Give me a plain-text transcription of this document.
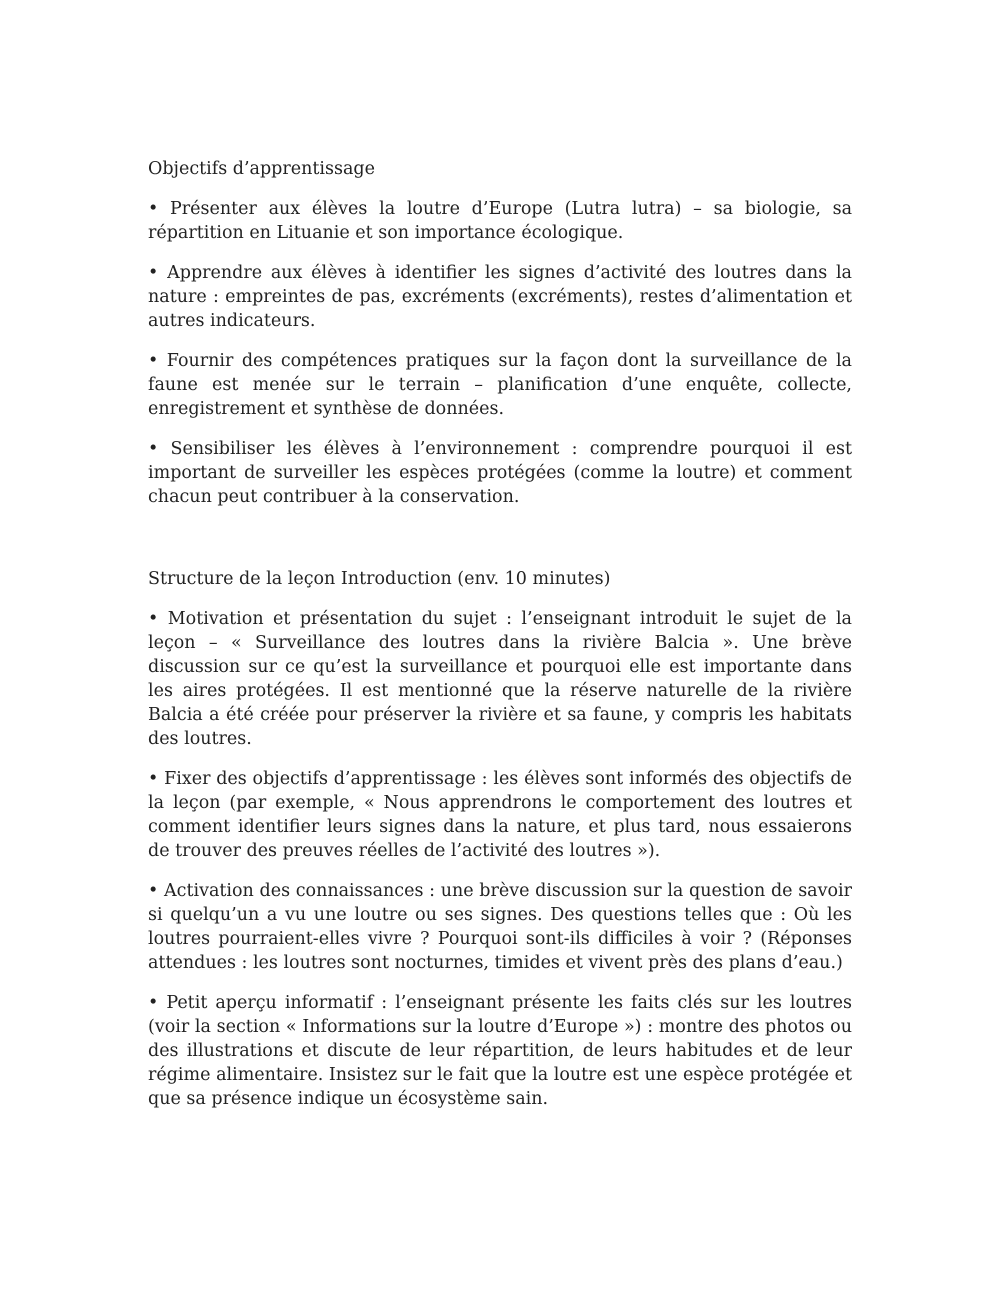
Objectifs d’apprentissage

• Présenter aux élèves la loutre d’Europe (Lutra lutra) – sa biologie, sa répartition en Lituanie et son importance écologique.

• Apprendre aux élèves à identifier les signes d’activité des loutres dans la nature : empreintes de pas, excréments (excréments), restes d’alimentation et autres indicateurs.

• Fournir des compétences pratiques sur la façon dont la surveillance de la faune est menée sur le terrain – planification d’une enquête, collecte, enregistrement et synthèse de données.

• Sensibiliser les élèves à l’environnement : comprendre pourquoi il est important de surveiller les espèces protégées (comme la loutre) et comment chacun peut contribuer à la conservation.

Structure de la leçon Introduction (env. 10 minutes)

• Motivation et présentation du sujet : l’enseignant introduit le sujet de la leçon – « Surveillance des loutres dans la rivière Balcia ». Une brève discussion sur ce qu’est la surveillance et pourquoi elle est importante dans les aires protégées. Il est mentionné que la réserve naturelle de la rivière Balcia a été créée pour préserver la rivière et sa faune, y compris les habitats des loutres.

• Fixer des objectifs d’apprentissage : les élèves sont informés des objectifs de la leçon (par exemple, « Nous apprendrons le comportement des loutres et comment identifier leurs signes dans la nature, et plus tard, nous essaierons de trouver des preuves réelles de l’activité des loutres »).

• Activation des connaissances : une brève discussion sur la question de savoir si quelqu’un a vu une loutre ou ses signes. Des questions telles que : Où les loutres pourraient-elles vivre ? Pourquoi sont-ils difficiles à voir ? (Réponses attendues : les loutres sont nocturnes, timides et vivent près des plans d’eau.)

• Petit aperçu informatif : l’enseignant présente les faits clés sur les loutres (voir la section « Informations sur la loutre d’Europe ») : montre des photos ou des illustrations et discute de leur répartition, de leurs habitudes et de leur régime alimentaire. Insistez sur le fait que la loutre est une espèce protégée et que sa présence indique un écosystème sain.
